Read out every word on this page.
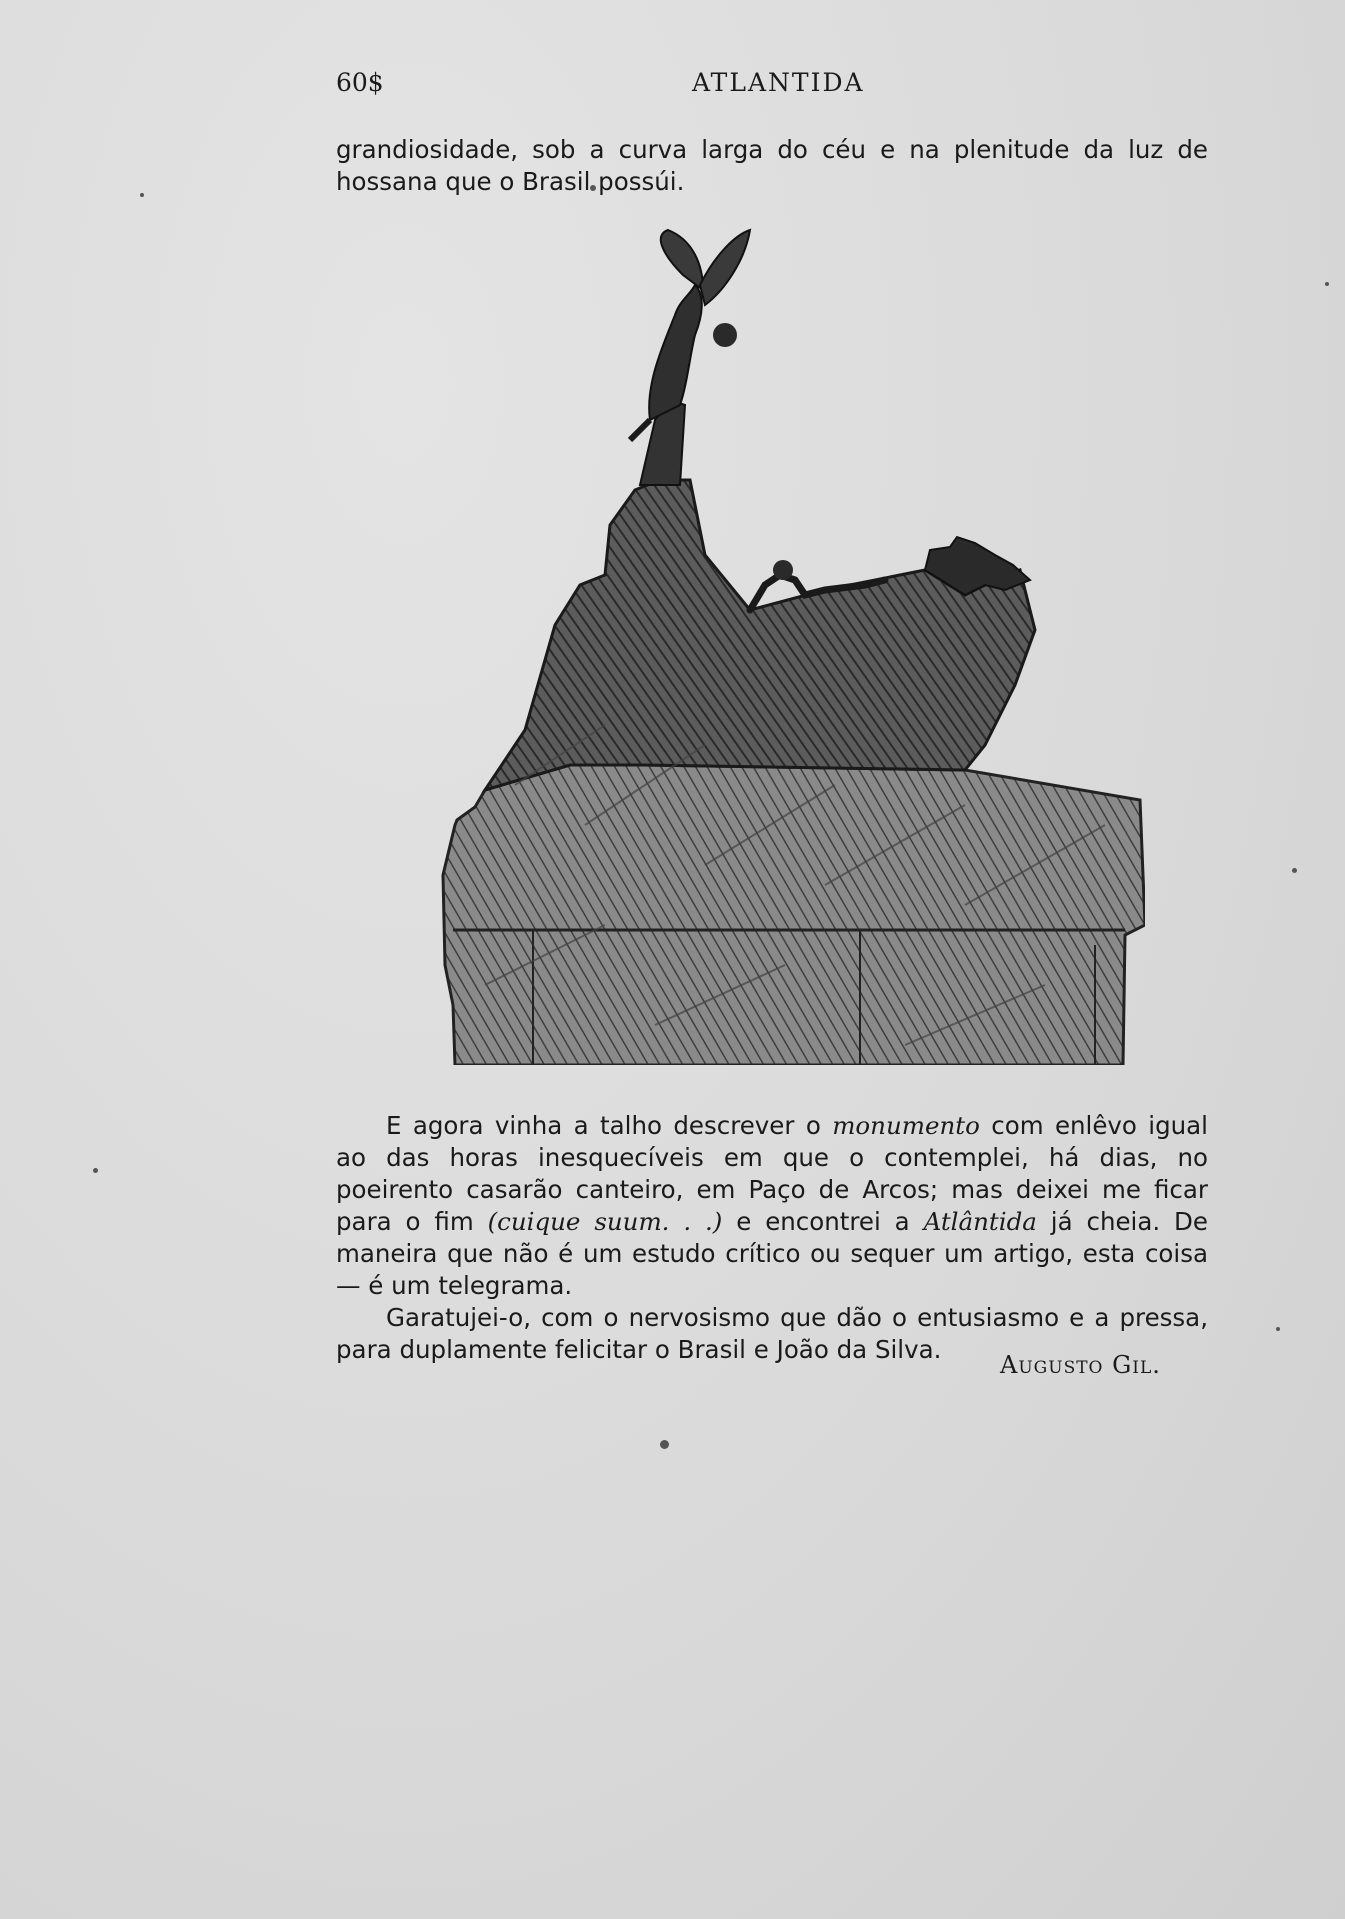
60$	ATLANTIDA

grandiosidade, sob a curva larga do céu e na plenitude da luz de hossana que o Brasil possúi.

E agora vinha a talho descrever o monumento com enlêvo igual ao das horas inesquecíveis em que o contemplei, há dias, no poeirento casarão canteiro, em Paço de Arcos; mas deixei me ficar para o fim (cuique suum. . .) e encontrei a Atlântida já cheia. De maneira que não é um estudo crítico ou sequer um artigo, esta coisa — é um telegrama.

Garatujei-o, com o nervosismo que dão o entusiasmo e a pressa, para duplamente felicitar o Brasil e João da Silva.

Augusto Gil.
